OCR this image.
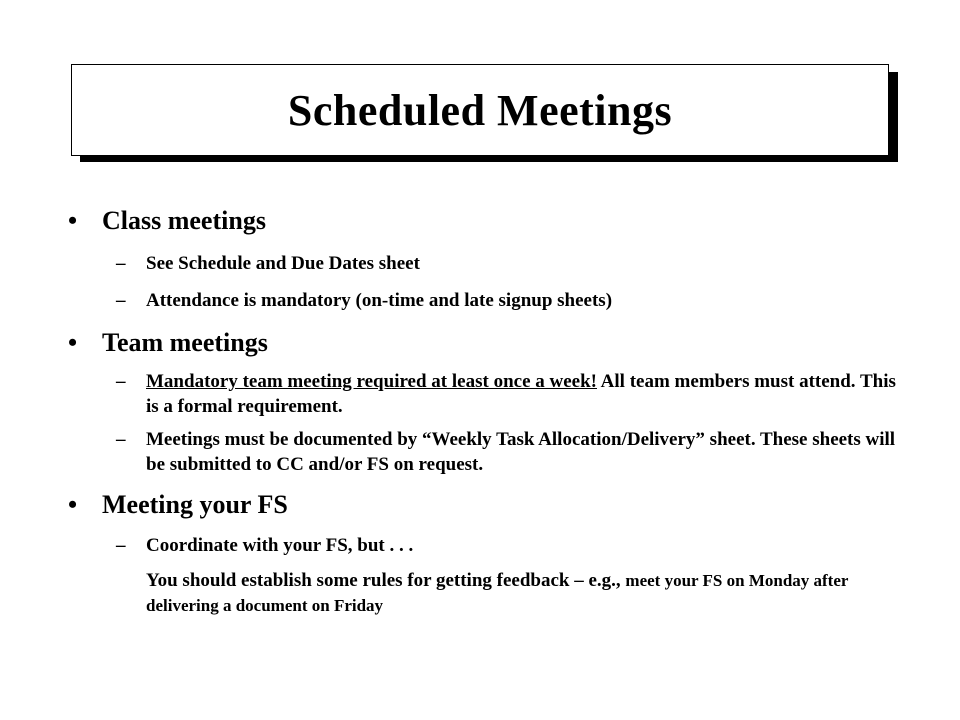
Scheduled Meetings
• Class meetings
– See Schedule and Due Dates sheet
– Attendance is mandatory (on-time and late signup sheets)
• Team meetings
– Mandatory team meeting required at least once a week! All team members must attend. This is a formal requirement.
– Meetings must be documented by “Weekly Task Allocation/Delivery” sheet. These sheets will be submitted to CC and/or FS on request.
• Meeting your FS
– Coordinate with your FS, but . . .
You should establish some rules for getting feedback – e.g., meet your FS on Monday after delivering a document on Friday
